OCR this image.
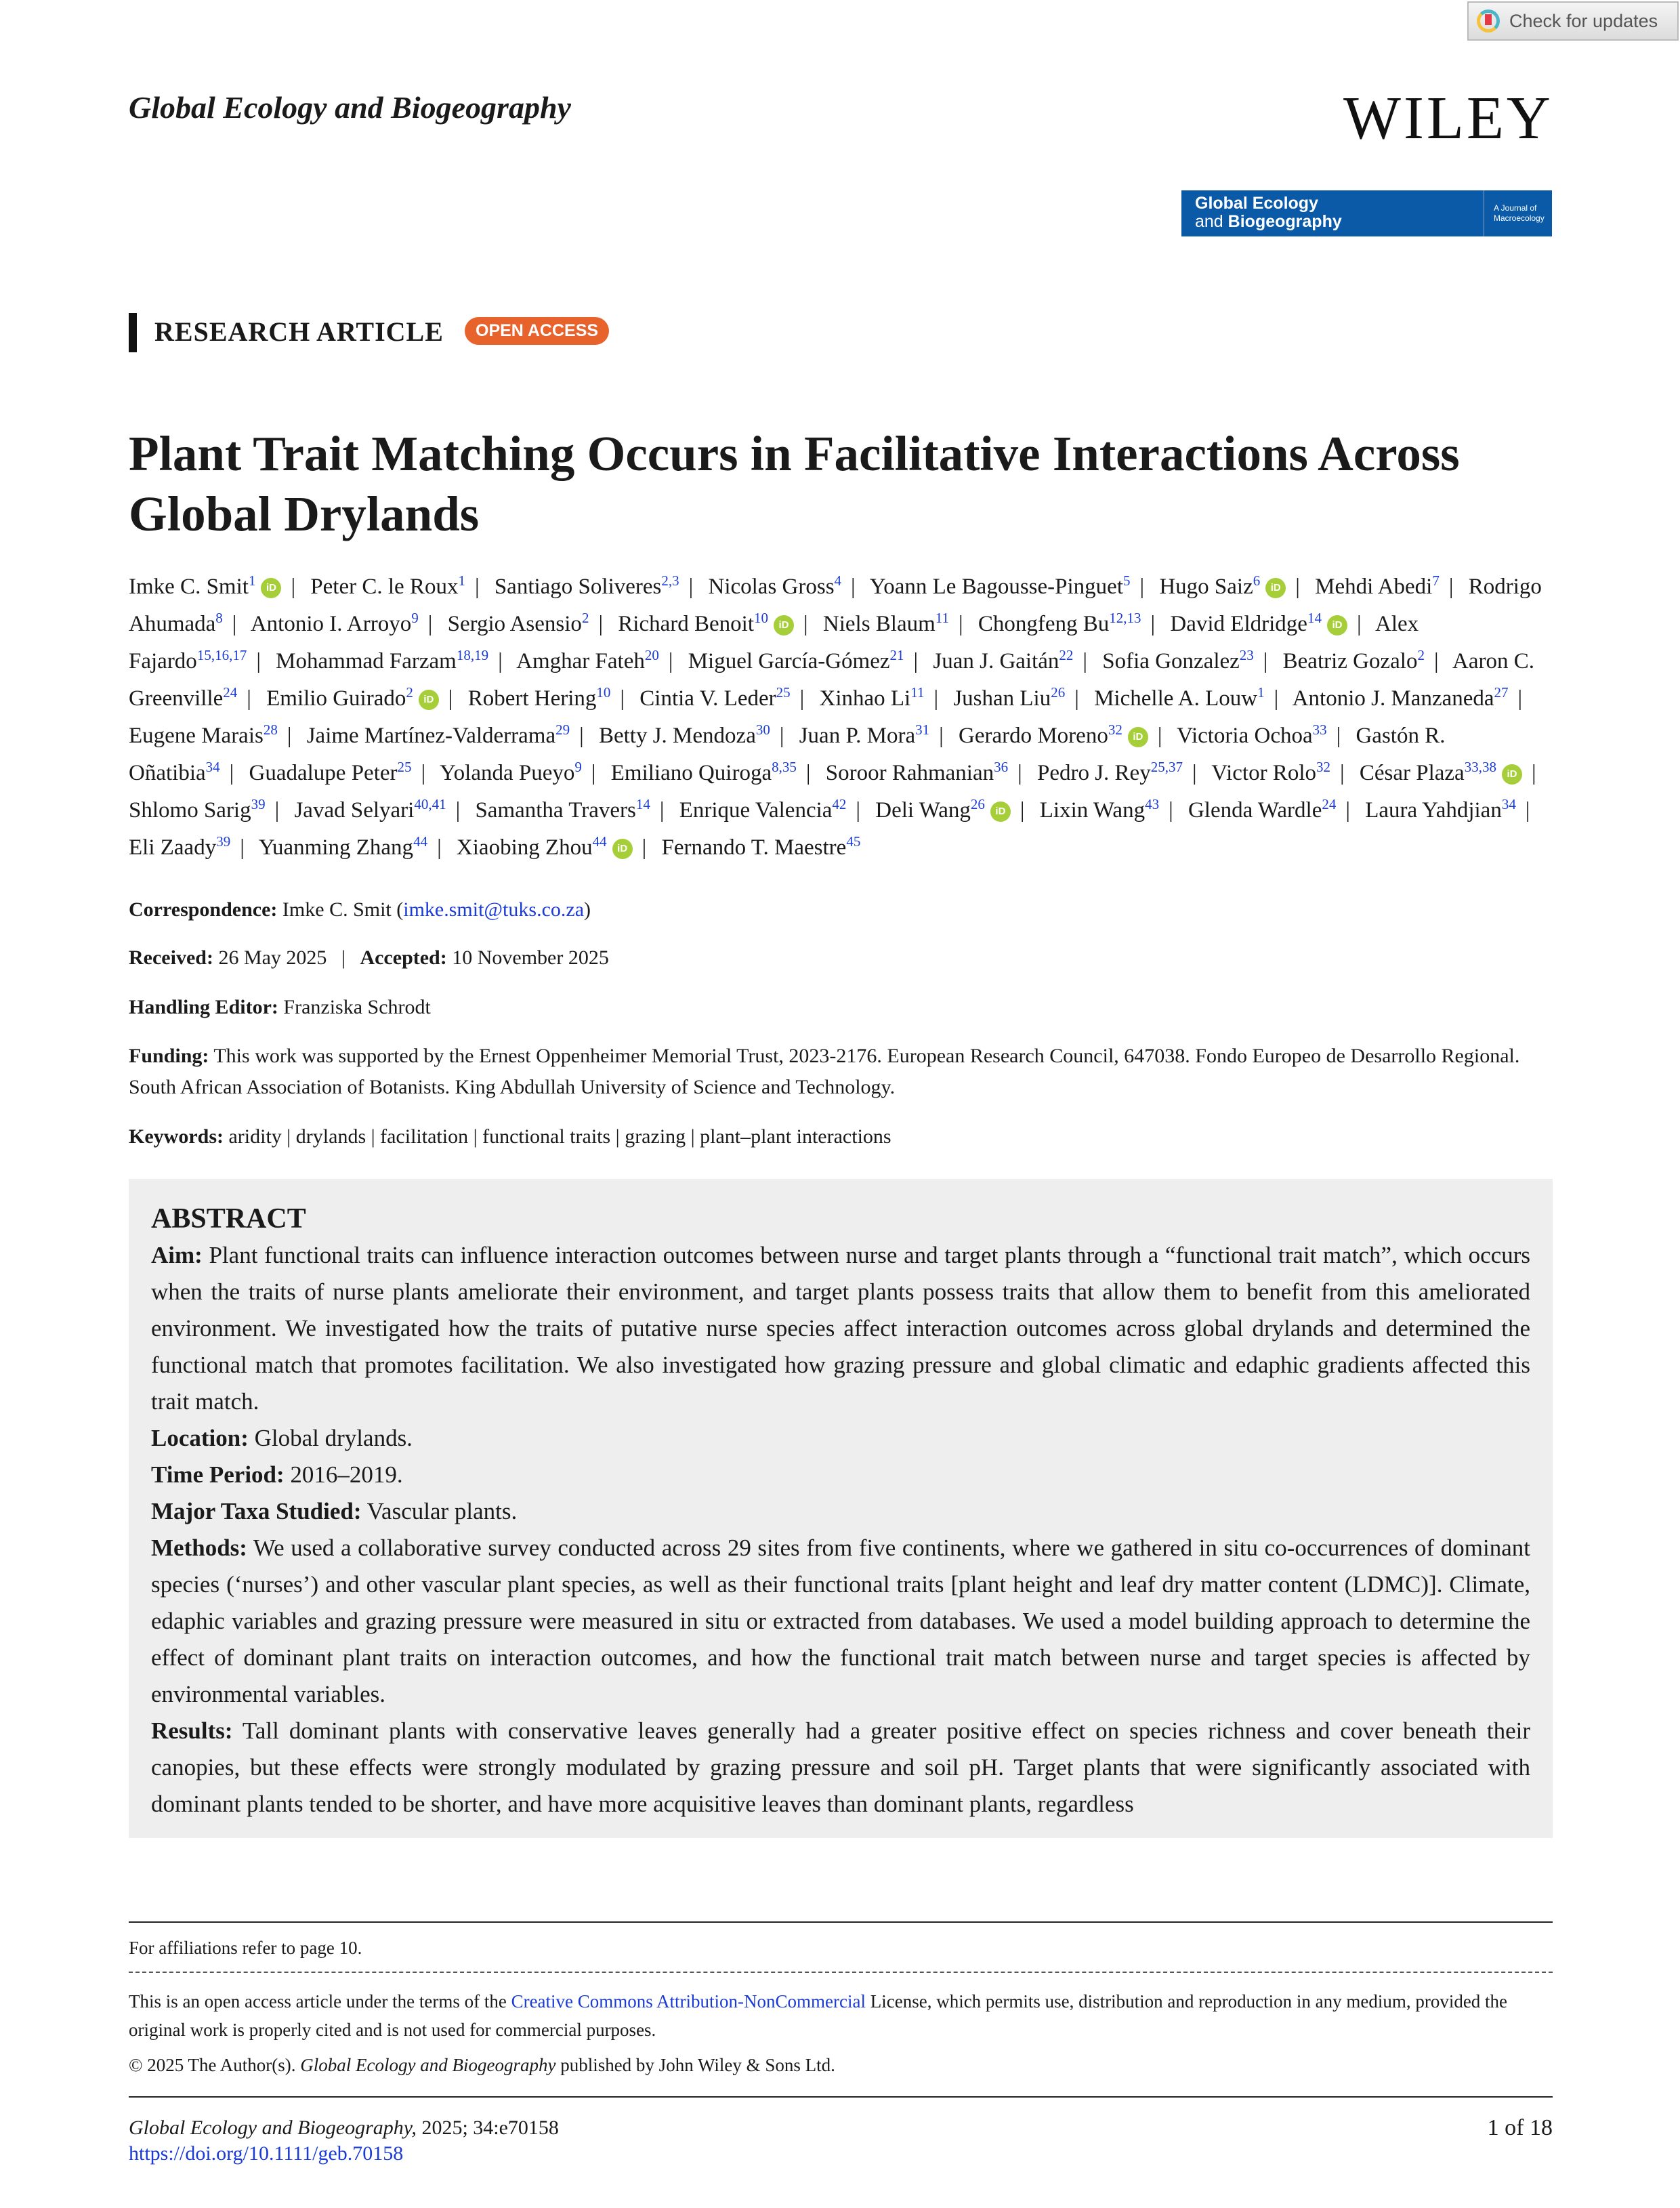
Check for updates
Global Ecology and Biogeography	WILEY
Global Ecology
and Biogeography
A Journal of
Macroecology
RESEARCH ARTICLE	OPEN ACCESS
Plant Trait Matching Occurs in Facilitative Interactions Across Global Drylands
Imke C. Smit$^1$ iD | Peter C. le Roux$^1$ | Santiago Soliveres$^{2,3}$ | Nicolas Gross$^4$ | Yoann Le Bagousse-Pinguet$^5$ | Hugo Saiz$^6$ iD | Mehdi Abedi$^7$ | Rodrigo Ahumada$^8$ | Antonio I. Arroyo$^9$ | Sergio Asensio$^2$ | Richard Benoit$^{10}$ iD | Niels Blaum$^{11}$ | Chongfeng Bu$^{12,13}$ | David Eldridge$^{14}$ iD | Alex Fajardo$^{15,16,17}$ | Mohammad Farzam$^{18,19}$ | Amghar Fateh$^{20}$ | Miguel García-Gómez$^{21}$ | Juan J. Gaitán$^{22}$ | Sofia Gonzalez$^{23}$ | Beatriz Gozalo$^2$ | Aaron C. Greenville$^{24}$ | Emilio Guirado$^2$ iD | Robert Hering$^{10}$ | Cintia V. Leder$^{25}$ | Xinhao Li$^{11}$ | Jushan Liu$^{26}$ | Michelle A. Louw$^1$ | Antonio J. Manzaneda$^{27}$ | Eugene Marais$^{28}$ | Jaime Martínez-Valderrama$^{29}$ | Betty J. Mendoza$^{30}$ | Juan P. Mora$^{31}$ | Gerardo Moreno$^{32}$ iD | Victoria Ochoa$^{33}$ | Gastón R. Oñatibia$^{34}$ | Guadalupe Peter$^{25}$ | Yolanda Pueyo$^9$ | Emiliano Quiroga$^{8,35}$ | Soroor Rahmanian$^{36}$ | Pedro J. Rey$^{25,37}$ | Victor Rolo$^{32}$ | César Plaza$^{33,38}$ iD | Shlomo Sarig$^{39}$ | Javad Selyari$^{40,41}$ | Samantha Travers$^{14}$ | Enrique Valencia$^{42}$ | Deli Wang$^{26}$ iD | Lixin Wang$^{43}$ | Glenda Wardle$^{24}$ | Laura Yahdjian$^{34}$ | Eli Zaady$^{39}$ | Yuanming Zhang$^{44}$ | Xiaobing Zhou$^{44}$ iD | Fernando T. Maestre$^{45}$
Correspondence: Imke C. Smit (imke.smit@tuks.co.za)
Received: 26 May 2025 | Accepted: 10 November 2025
Handling Editor: Franziska Schrodt
Funding: This work was supported by the Ernest Oppenheimer Memorial Trust, 2023-2176. European Research Council, 647038. Fondo Europeo de Desarrollo Regional. South African Association of Botanists. King Abdullah University of Science and Technology.
Keywords: aridity | drylands | facilitation | functional traits | grazing | plant–plant interactions
ABSTRACT

Aim: Plant functional traits can influence interaction outcomes between nurse and target plants through a “functional trait match”, which occurs when the traits of nurse plants ameliorate their environment, and target plants possess traits that allow them to benefit from this ameliorated environment. We investigated how the traits of putative nurse species affect interaction outcomes across global drylands and determined the functional match that promotes facilitation. We also investigated how grazing pressure and global climatic and edaphic gradients affected this trait match.

Location: Global drylands.

Time Period: 2016–2019.

Major Taxa Studied: Vascular plants.

Methods: We used a collaborative survey conducted across 29 sites from five continents, where we gathered in situ co-occurrences of dominant species (‘nurses’) and other vascular plant species, as well as their functional traits [plant height and leaf dry matter content (LDMC)]. Climate, edaphic variables and grazing pressure were measured in situ or extracted from databases. We used a model building approach to determine the effect of dominant plant traits on interaction outcomes, and how the functional trait match between nurse and target species is affected by environmental variables.

Results: Tall dominant plants with conservative leaves generally had a greater positive effect on species richness and cover beneath their canopies, but these effects were strongly modulated by grazing pressure and soil pH. Target plants that were significantly associated with dominant plants tended to be shorter, and have more acquisitive leaves than dominant plants, regardless

For affiliations refer to page 10.
This is an open access article under the terms of the Creative Commons Attribution-NonCommercial License, which permits use, distribution and reproduction in any medium, provided the original work is properly cited and is not used for commercial purposes.
© 2025 The Author(s). Global Ecology and Biogeography published by John Wiley & Sons Ltd.
Global Ecology and Biogeography, 2025; 34:e70158
https://doi.org/10.1111/geb.70158
1 of 18
